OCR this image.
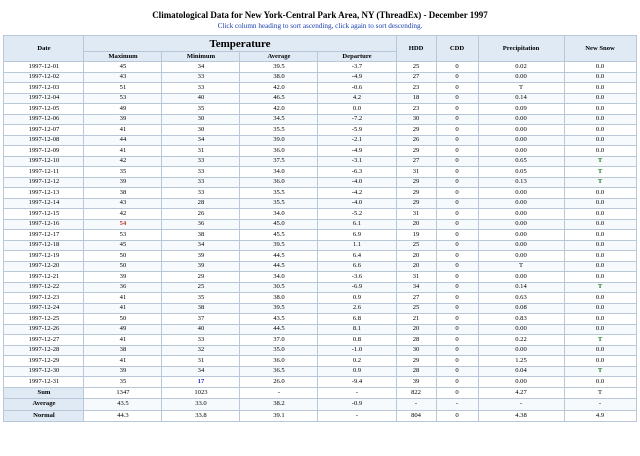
Climatological Data for New York-Central Park Area, NY (ThreadEx) - December 1997

Click column heading to sort ascending, click again to sort descending.

Date	Temperature				HDD	CDD	Precipitation	New Snow
	Maximum	Minimum	Average	Departure				
1997-12-01	45	34	39.5	-3.7	25	0	0.02	0.0
1997-12-02	43	33	38.0	-4.9	27	0	0.00	0.0
1997-12-03	51	33	42.0	-0.6	23	0	T	0.0
1997-12-04	53	40	46.5	4.2	18	0	0.14	0.0
1997-12-05	49	35	42.0	0.0	23	0	0.09	0.0
1997-12-06	39	30	34.5	-7.2	30	0	0.00	0.0
1997-12-07	41	30	35.5	-5.9	29	0	0.00	0.0
1997-12-08	44	34	39.0	-2.1	26	0	0.00	0.0
1997-12-09	41	31	36.0	-4.9	29	0	0.00	0.0
1997-12-10	42	33	37.5	-3.1	27	0	0.65	T
1997-12-11	35	33	34.0	-6.3	31	0	0.05	T
1997-12-12	39	33	36.0	-4.0	29	0	0.13	T
1997-12-13	38	33	35.5	-4.2	29	0	0.00	0.0
1997-12-14	43	28	35.5	-4.0	29	0	0.00	0.0
1997-12-15	42	26	34.0	-5.2	31	0	0.00	0.0
1997-12-16	54	36	45.0	6.1	20	0	0.00	0.0
1997-12-17	53	38	45.5	6.9	19	0	0.00	0.0
1997-12-18	45	34	39.5	1.1	25	0	0.00	0.0
1997-12-19	50	39	44.5	6.4	20	0	0.00	0.0
1997-12-20	50	39	44.5	6.6	20	0	T	0.0
1997-12-21	39	29	34.0	-3.6	31	0	0.00	0.0
1997-12-22	36	25	30.5	-6.9	34	0	0.14	T
1997-12-23	41	35	38.0	0.9	27	0	0.63	0.0
1997-12-24	41	38	39.5	2.6	25	0	0.08	0.0
1997-12-25	50	37	43.5	6.8	21	0	0.83	0.0
1997-12-26	49	40	44.5	8.1	20	0	0.00	0.0
1997-12-27	41	33	37.0	0.8	28	0	0.22	T
1997-12-28	38	32	35.0	-1.0	30	0	0.00	0.0
1997-12-29	41	31	36.0	0.2	29	0	1.25	0.0
1997-12-30	39	34	36.5	0.9	28	0	0.04	T
1997-12-31	35	17	26.0	-9.4	39	0	0.00	0.0
Sum	1347	1023	-	-	822	0	4.27	T
Average	43.5	33.0	38.2	-0.9	-	-	-	-
Normal	44.3	33.8	39.1	-	804	0	4.38	4.9
